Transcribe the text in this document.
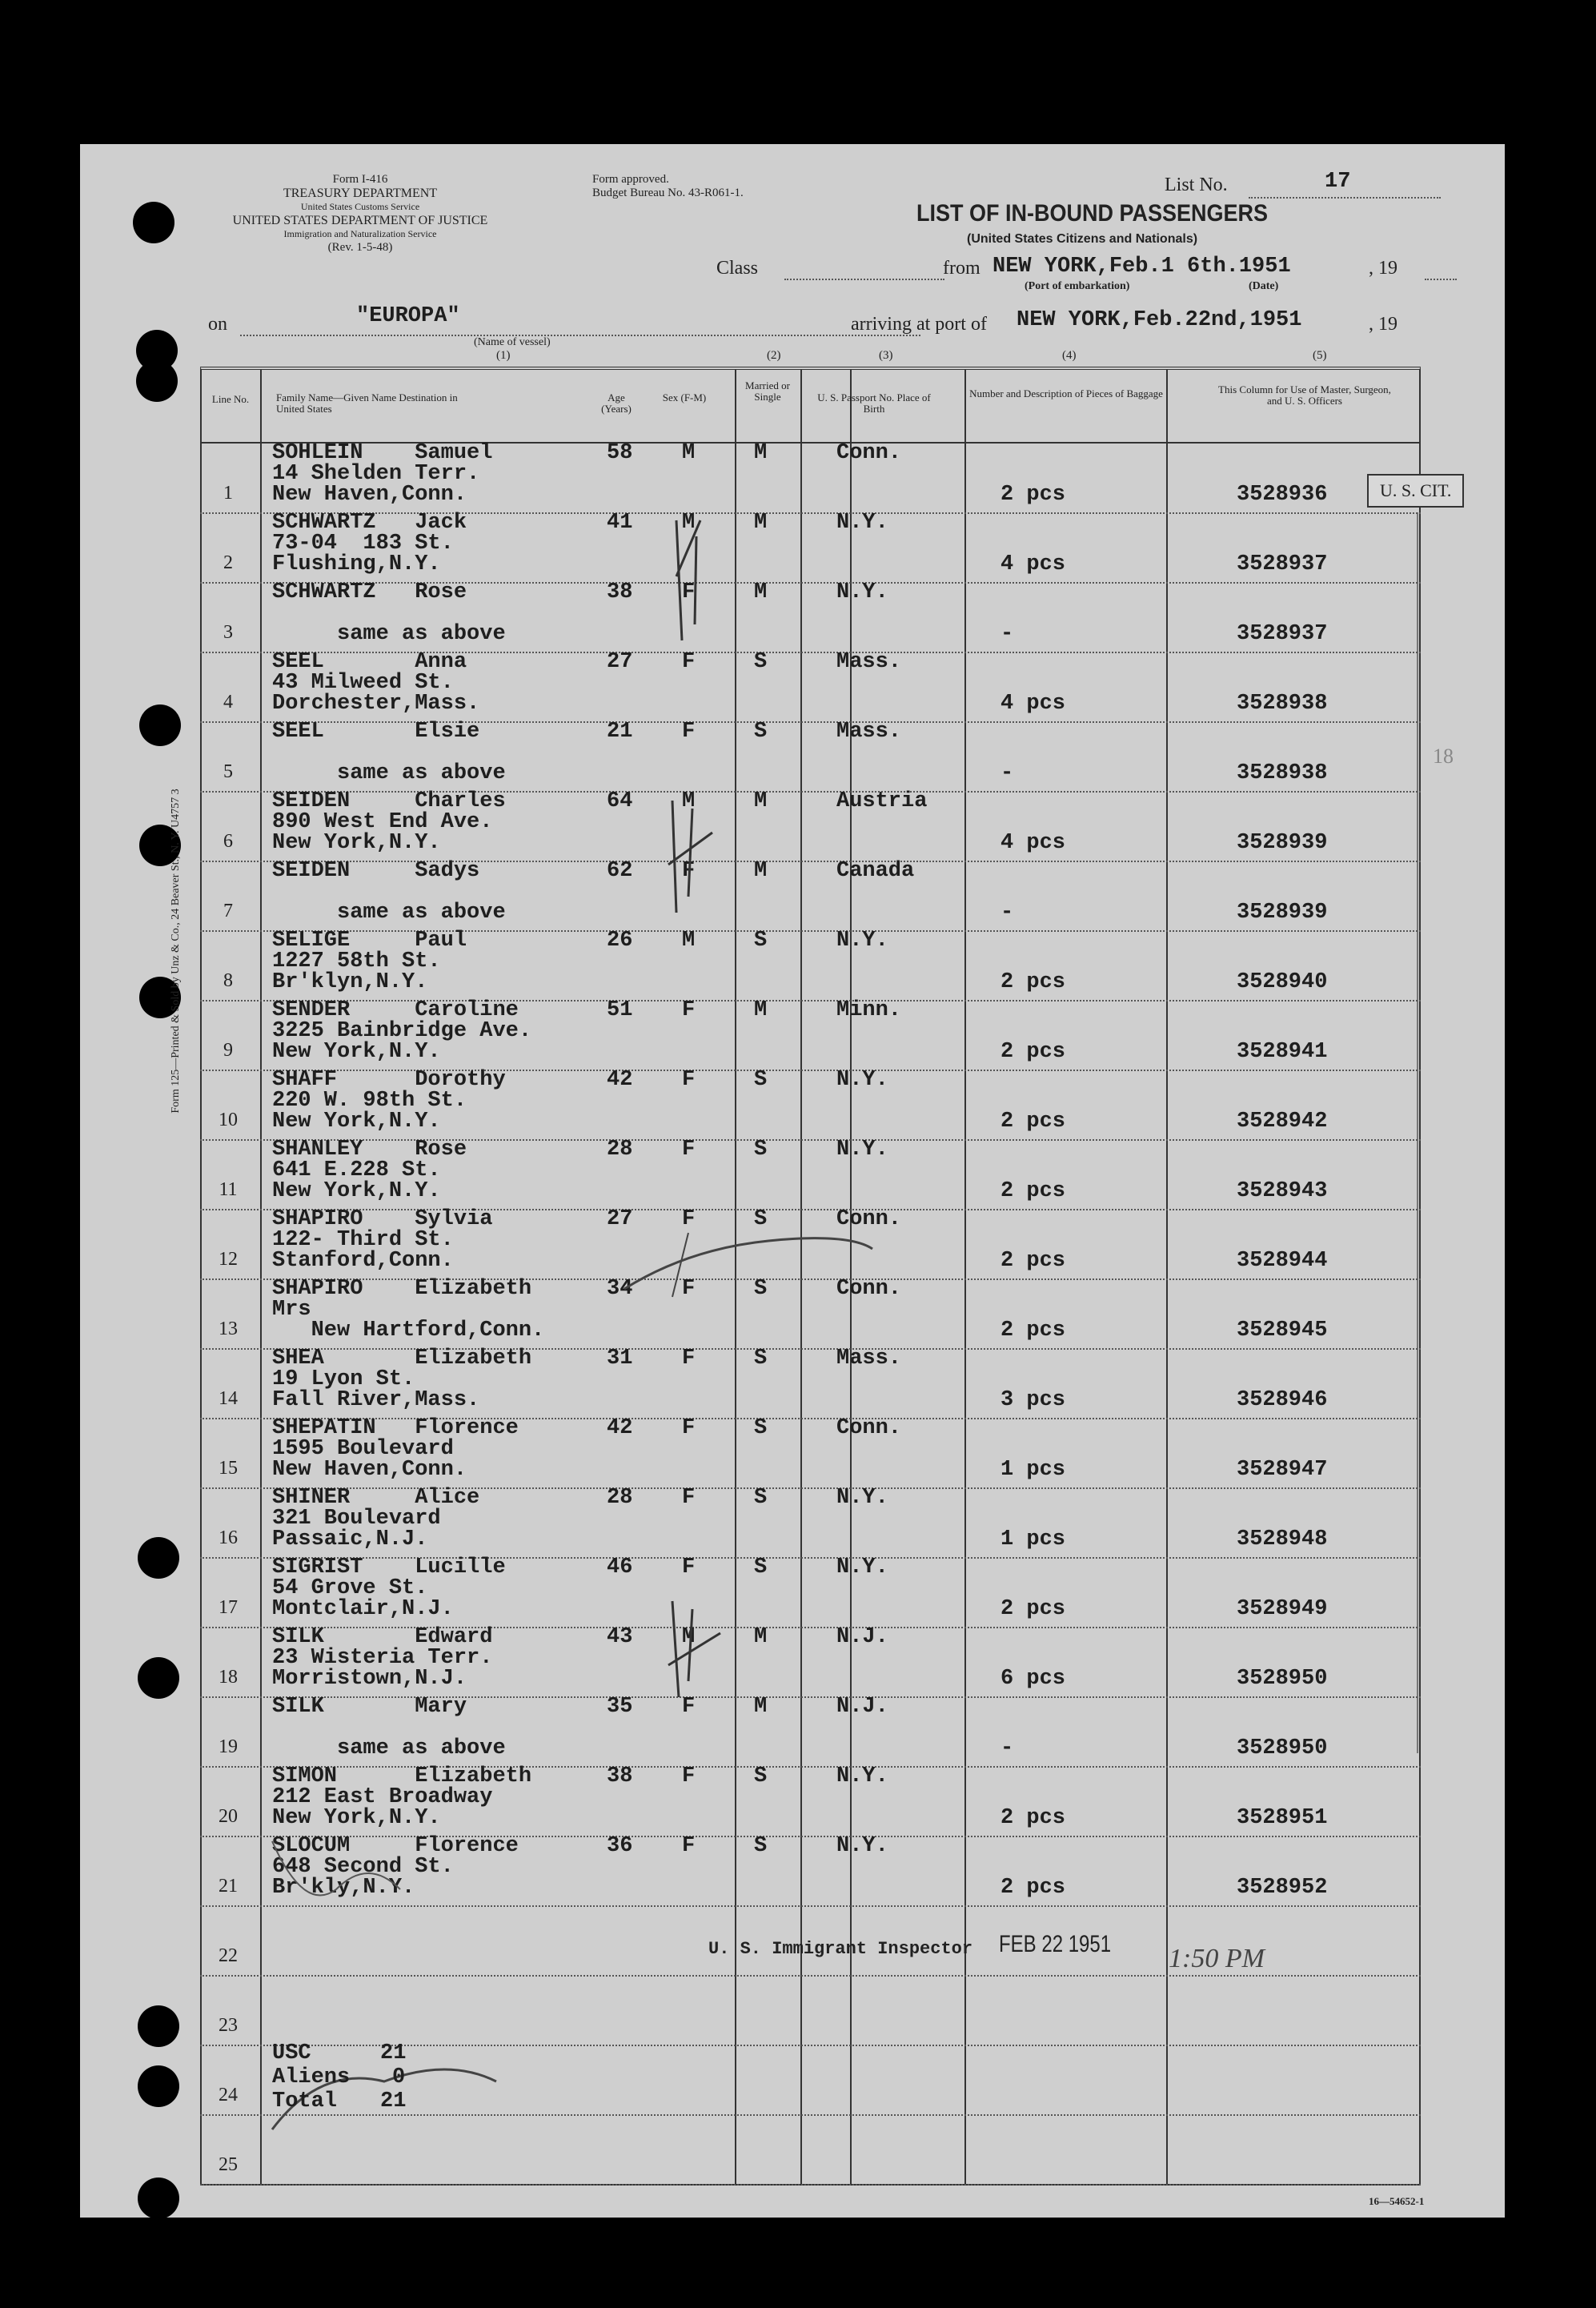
Form 125—Printed & Sold by Unz & Co., 24 Beaver St., N. Y. U4757 3
Form I-416
TREASURY DEPARTMENT
United States Customs Service
UNITED STATES DEPARTMENT OF JUSTICE
Immigration and Naturalization Service
(Rev. 1-5-48)
Form approved.
Budget Bureau No. 43-R061-1.	List No.	17
LIST OF IN-BOUND PASSENGERS
(United States Citizens and Nationals)
Class	from NEW YORK,Feb.1 6th.1951	, 19
(Port of embarkation)	(Date)
on	"EUROPA"
(Name of vessel)
arriving at port of NEW YORK,Feb.22nd,1951	, 19
(1)	(2)	(3)	(4)	(5)
Line No.	Family Name—Given Name Destination in United States
Age (Years)
Sex (F-M)
Married or Single	U. S. Passport No. Place of Birth
Number and Description of Pieces of Baggage	This Column for Use of Master, Surgeon, and U. S. Officers
U. S. CIT.
18
1
SOHLEIN    Samuel
14 Shelden Terr.
New Haven,Conn.
58 M	M	Conn.
2 pcs	3528936
2
SCHWARTZ   Jack
73-04  183 St.
Flushing,N.Y.
41 M	M	N.Y.
4 pcs	3528937
3
SCHWARTZ   Rose
same as above
38 F	M	N.Y.
-	3528937
4
SEEL       Anna
43 Milweed St.
Dorchester,Mass.
27 F	S	Mass.
4 pcs	3528938
5
SEEL       Elsie
same as above
21 F	S	Mass.
-	3528938
6
SEIDEN     Charles
890 West End Ave.
New York,N.Y.
64 M	M	Austria
4 pcs	3528939
7
SEIDEN     Sadys
same as above
62 F	M	Canada
-	3528939
8
SELIGE     Paul
1227 58th St.
Br'klyn,N.Y.
26 M	S	N.Y.
2 pcs	3528940
9
SENDER     Caroline
3225 Bainbridge Ave.
New York,N.Y.
51 F	M	Minn.
2 pcs	3528941
10
SHAFF      Dorothy
220 W. 98th St.
New York,N.Y.
42 F	S	N.Y.
2 pcs	3528942
11
SHANLEY    Rose
641 E.228 St.
New York,N.Y.
28 F	S	N.Y.
2 pcs	3528943
12
SHAPIRO    Sylvia
122- Third St.
Stanford,Conn.
27 F	S	Conn.
2 pcs	3528944
13
SHAPIRO    Elizabeth
Mrs
New Hartford,Conn.
34 F	S	Conn.
2 pcs	3528945
14
SHEA       Elizabeth
19 Lyon St.
Fall River,Mass.
31 F	S	Mass.
3 pcs	3528946
15
SHEPATIN   Florence
1595 Boulevard
New Haven,Conn.
42 F	S	Conn.
1 pcs	3528947
16
SHINER     Alice
321 Boulevard
Passaic,N.J.
28 F	S	N.Y.
1 pcs	3528948
17
SIGRIST    Lucille
54 Grove St.
Montclair,N.J.
46 F	S	N.Y.
2 pcs	3528949
18
SILK       Edward
23 Wisteria Terr.
Morristown,N.J.
43 M	M	N.J.
6 pcs	3528950
19
SILK       Mary
same as above
35 F	M	N.J.
-	3528950
20
SIMON      Elizabeth
212 East Broadway
New York,N.Y.
38 F	S	N.Y.
2 pcs	3528951
21
SLOCUM     Florence
648 Second St.
Br'kly,N.Y.
36 F	S	N.Y.
2 pcs	3528952
22
23
24
25
U. S. Immigrant Inspector FEB 22 1951 1:50 PM
USC	21
Aliens 0
Total 21
16—54652-1
